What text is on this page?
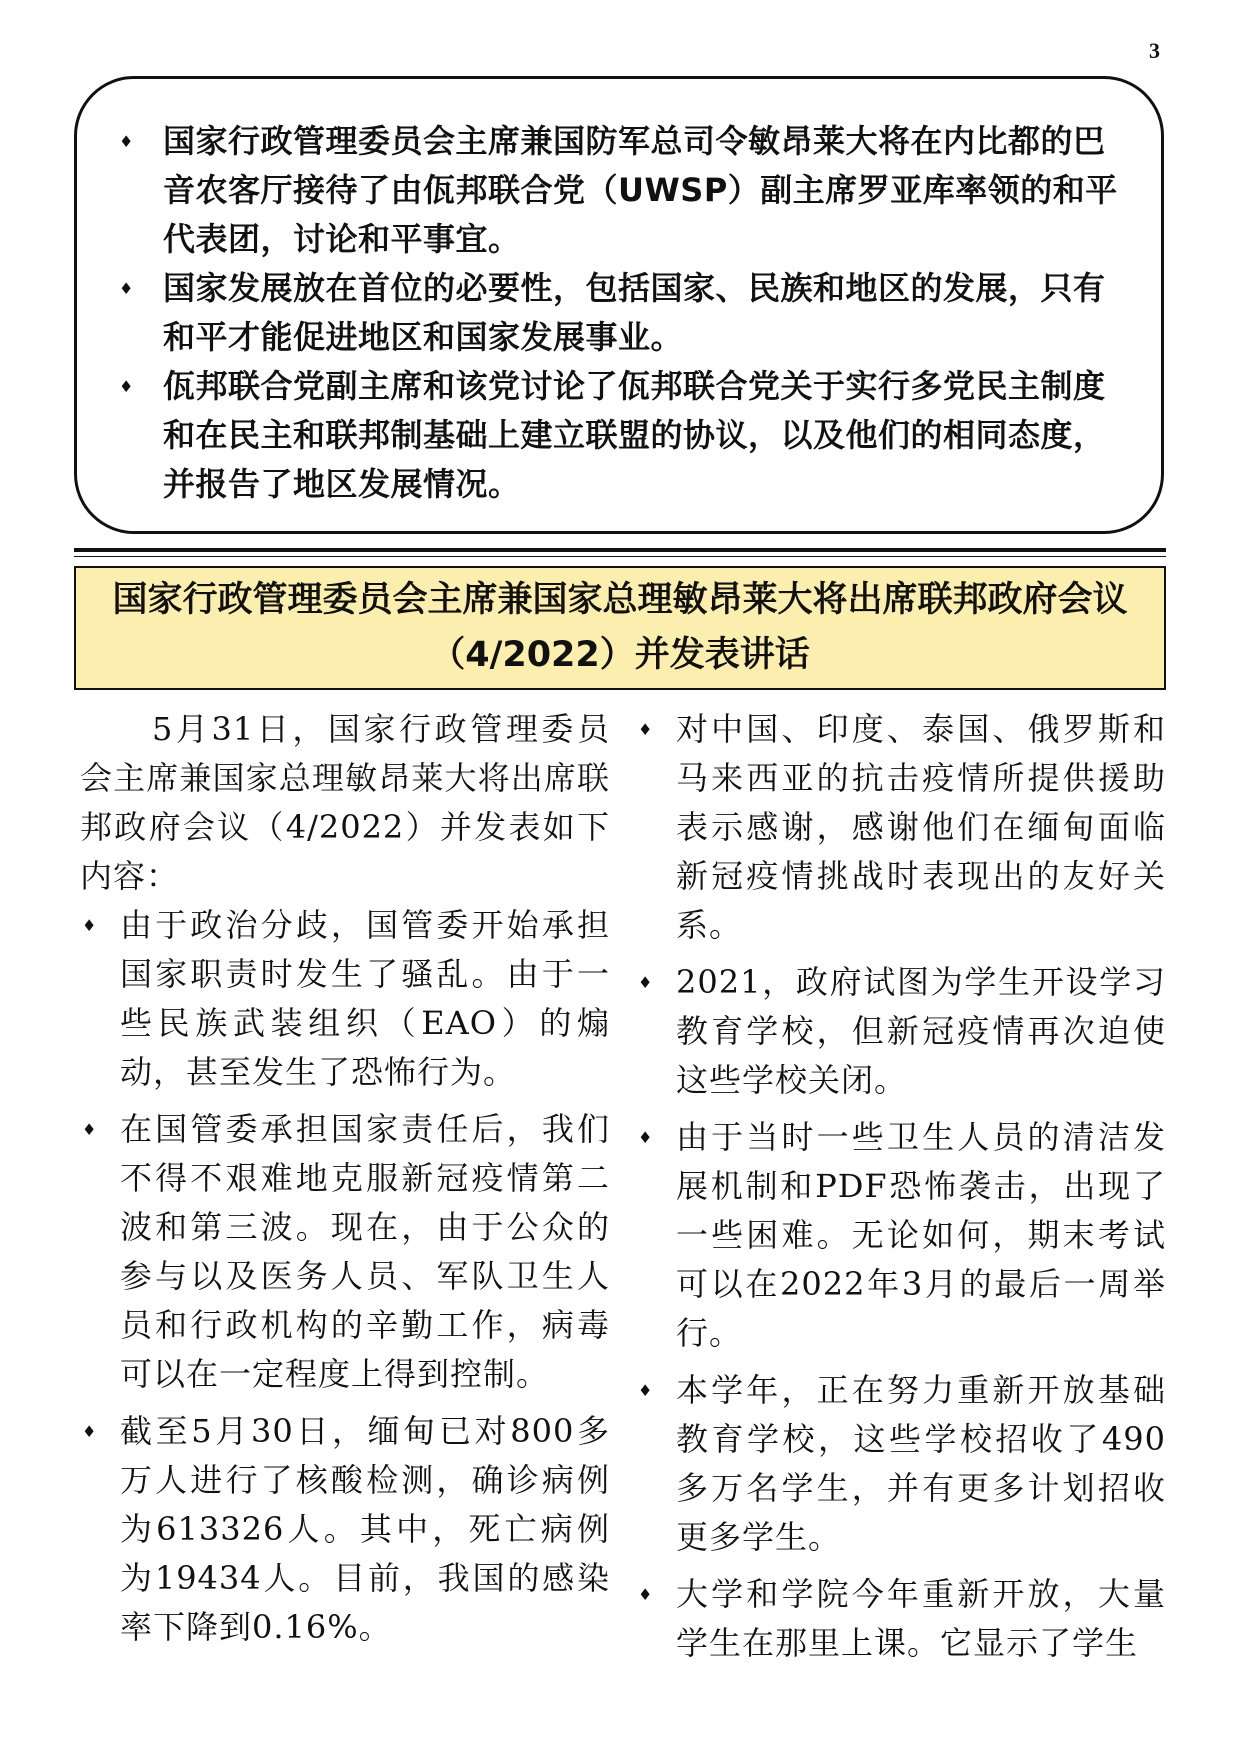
3
♦ 国家行政管理委员会主席兼国防军总司令敏昂莱大将在内比都的巴音农客厅接待了由佤邦联合党（UWSP）副主席罗亚库率领的和平代表团，讨论和平事宜。
♦ 国家发展放在首位的必要性，包括国家、民族和地区的发展，只有和平才能促进地区和国家发展事业。
♦ 佤邦联合党副主席和该党讨论了佤邦联合党关于实行多党民主制度和在民主和联邦制基础上建立联盟的协议，以及他们的相同态度，并报告了地区发展情况。
国家行政管理委员会主席兼国家总理敏昂莱大将出席联邦政府会议（4/2022）并发表讲话

5月31日，国家行政管理委员会主席兼国家总理敏昂莱大将出席联邦政府会议（4/2022）并发表如下内容：

♦ 由于政治分歧，国管委开始承担国家职责时发生了骚乱。由于一些民族武装组织（EAO）的煽动，甚至发生了恐怖行为。
♦ 在国管委承担国家责任后，我们不得不艰难地克服新冠疫情第二波和第三波。现在，由于公众的参与以及医务人员、军队卫生人员和行政机构的辛勤工作，病毒可以在一定程度上得到控制。
♦ 截至5月30日，缅甸已对800多万人进行了核酸检测，确诊病例为613326人。其中，死亡病例为19434人。目前，我国的感染率下降到0.16%。
♦ 对中国、印度、泰国、俄罗斯和马来西亚的抗击疫情所提供援助表示感谢，感谢他们在缅甸面临新冠疫情挑战时表现出的友好关系。
♦ 2021，政府试图为学生开设学习教育学校，但新冠疫情再次迫使这些学校关闭。
♦ 由于当时一些卫生人员的清洁发展机制和PDF恐怖袭击，出现了一些困难。无论如何，期末考试可以在2022年3月的最后一周举行。
♦ 本学年，正在努力重新开放基础教育学校，这些学校招收了490多万名学生，并有更多计划招收更多学生。
♦ 大学和学院今年重新开放，大量学生在那里上课。它显示了学生
